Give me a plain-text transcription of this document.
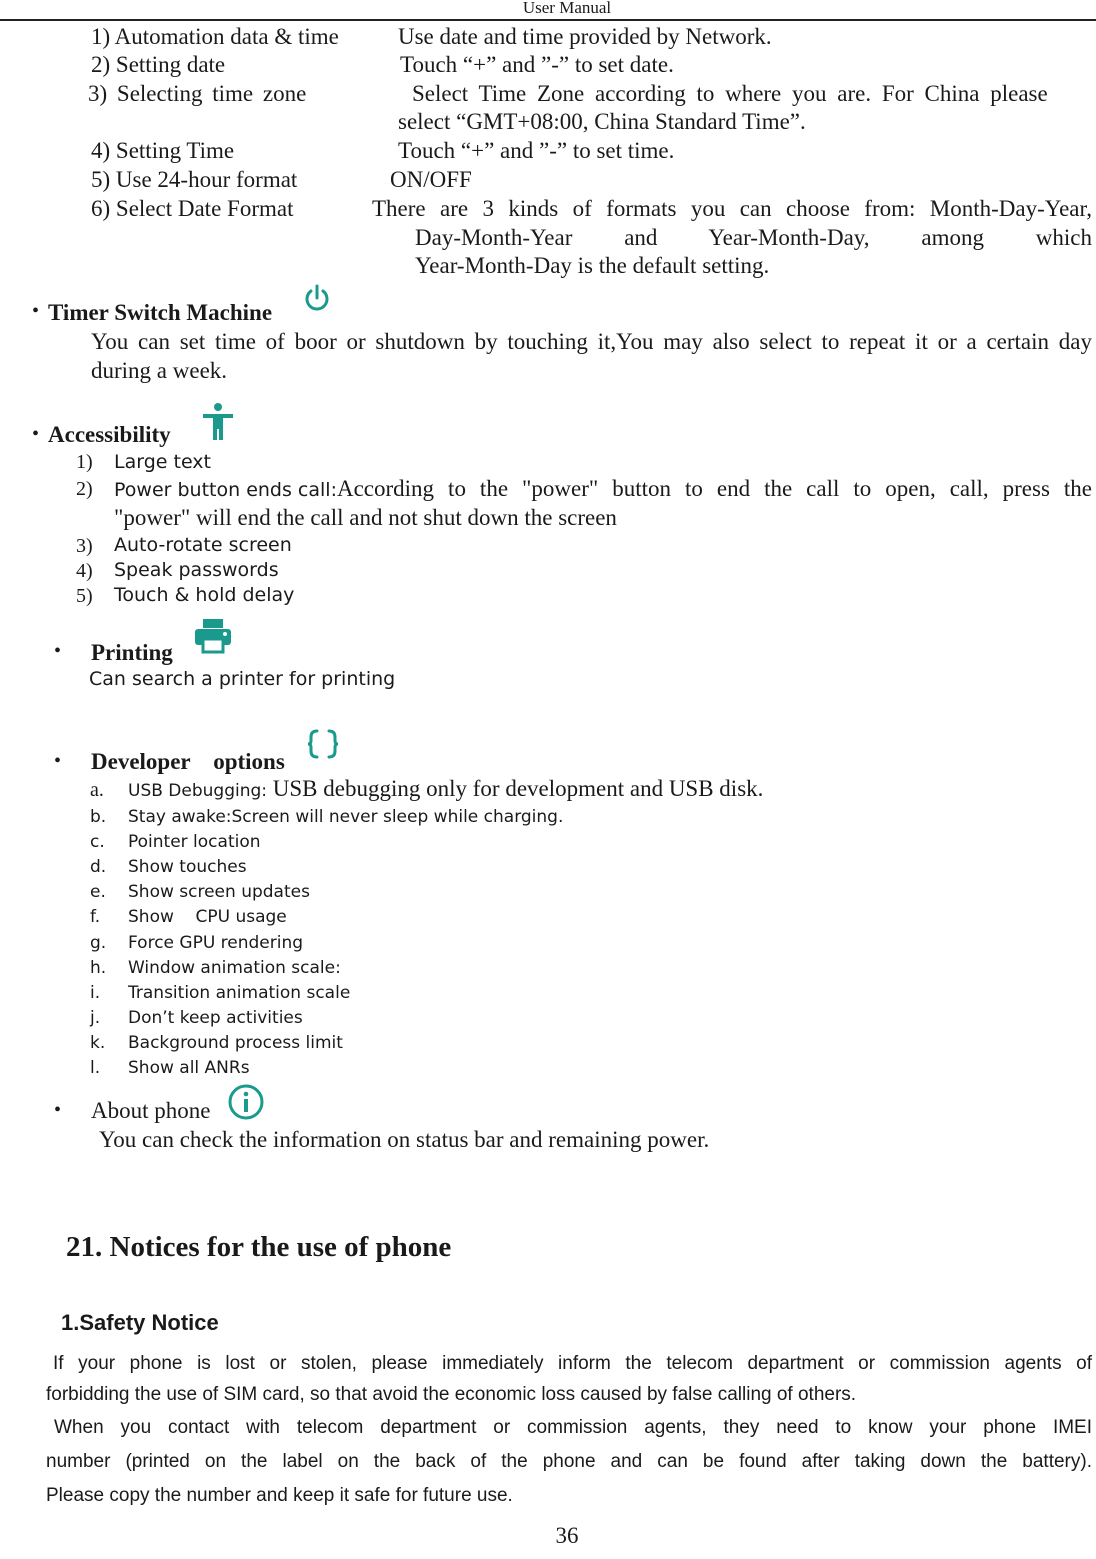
User Manual
1) Automation data & time	Use date and time provided by Network.
2) Setting date	Touch “+” and ”-” to set date.
3) Selecting time zone	Select Time Zone according to where you are. For China please
select “GMT+08:00, China Standard Time”.
4) Setting Time	Touch “+” and ”-” to set time.
5) Use 24-hour format	ON/OFF
6) Select Date Format	There are 3 kinds of formats you can choose from: Month-Day-Year,
Day-Month-Year and Year-Month-Day, among which
Year-Month-Day is the default setting.
• Timer Switch Machine
You can set time of boor or shutdown by touching it,You may also select to repeat it or a certain day
during a week.
• Accessibility
1) Large text
2) Power button ends call: According to the "power" button to end the call to open, call, press the
"power" will end the call and not shut down the screen
3) Auto-rotate screen
4) Speak passwords
5) Touch & hold delay
• Printing
Can search a printer for printing
• Developer    options
a. USB Debugging: USB debugging only for development and USB disk.
b. Stay awake:Screen will never sleep while charging.
c. Pointer location
d. Show touches
e. Show screen updates
f. Show    CPU usage
g. Force GPU rendering
h. Window animation scale:
i. Transition animation scale
j. Don’t keep activities
k. Background process limit
l. Show all ANRs
• About phone
You can check the information on status bar and remaining power.
21. Notices for the use of phone
1.Safety Notice
If your phone is lost or stolen, please immediately inform the telecom department or commission agents of
forbidding the use of SIM card, so that avoid the economic loss caused by false calling of others.
When you contact with telecom department or commission agents, they need to know your phone IMEI
number (printed on the label on the back of the phone and can be found after taking down the battery).
Please copy the number and keep it safe for future use.
36
